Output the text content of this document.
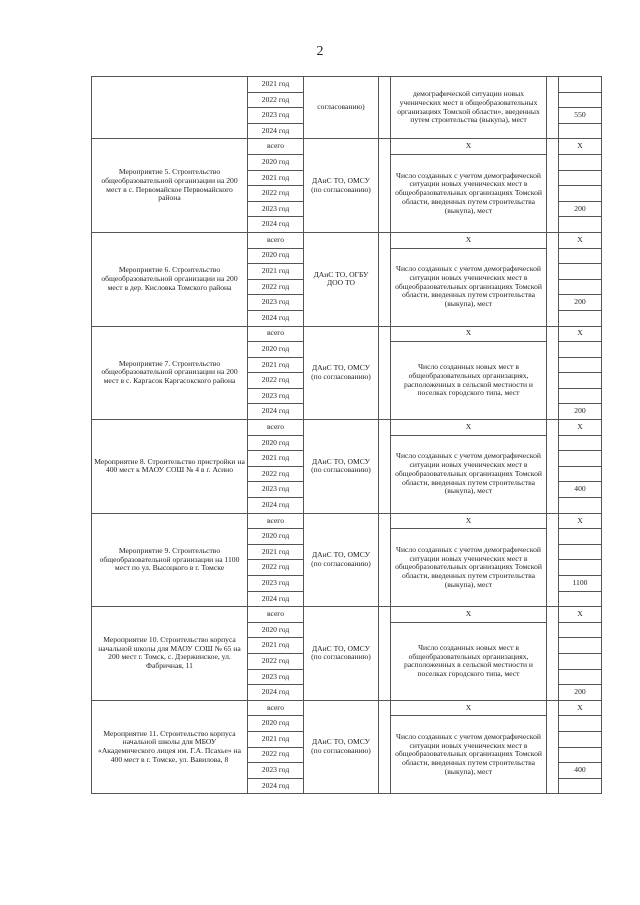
2
	2021 год	согласованию)		демографической ситуации новых ученических мест в общеобразовательных организациях Томской области», введенных путем строительства (выкупа), мест		
	2022 год					
	2023 год					550
	2024 год					
Мероприятие 5. Строительство общеобразовательной организации на 200 мест в с. Первомайское Первомайского района	всего	ДАиС ТО, ОМСУ (по согласованию)		Х		Х
	2020 год			Число созданных с учетом демографической ситуации новых ученических мест в общеобразовательных организациях Томской области, введенных путем строительства (выкупа), мест		
	2021 год					
	2022 год					
	2023 год					200
	2024 год					
Мероприятие 6. Строительство общеобразовательной организации на 200 мест в дер. Кисловка Томского района	всего	ДАиС ТО, ОГБУ ДОО ТО		Х		Х
	2020 год			Число созданных с учетом демографической ситуации новых ученических мест в общеобразовательных организациях Томской области, введенных путем строительства (выкупа), мест		
	2021 год					
	2022 год					
	2023 год					200
	2024 год					
Мероприятие 7. Строительство общеобразовательной организации на 200 мест в с. Каргасок Каргасокского района	всего	ДАиС ТО, ОМСУ (по согласованию)		Х		Х
	2020 год			Число созданных новых мест в общеобразовательных организациях, расположенных в сельской местности и поселках городского типа, мест		
	2021 год					
	2022 год					
	2023 год					
	2024 год					200
Мероприятие 8. Строительство пристройки на 400 мест к МАОУ СОШ № 4 в г. Асино	всего	ДАиС ТО, ОМСУ (по согласованию)		Х		Х
	2020 год			Число созданных с учетом демографической ситуации новых ученических мест в общеобразовательных организациях Томской области, введенных путем строительства (выкупа), мест		
	2021 год					
	2022 год					
	2023 год					400
	2024 год					
Мероприятие 9. Строительство общеобразовательной организации на 1100 мест по ул. Высоцкого в г. Томске	всего	ДАиС ТО, ОМСУ (по согласованию)		Х		Х
	2020 год			Число созданных с учетом демографической ситуации новых ученических мест в общеобразовательных организациях Томской области, введенных путем строительства (выкупа), мест		
	2021 год					
	2022 год					
	2023 год					1100
	2024 год					
Мероприятие 10. Строительство корпуса начальной школы для МАОУ СОШ № 65 на 200 мест г. Томск, с. Дзержинское, ул. Фабричная, 11	всего	ДАиС ТО, ОМСУ (по согласованию)		Х		Х
	2020 год			Число созданных новых мест в общеобразовательных организациях, расположенных в сельской местности и поселках городского типа, мест		
	2021 год					
	2022 год					
	2023 год					
	2024 год					200
Мероприятие 11. Строительство корпуса начальной школы для МБОУ «Академического лицея им. Г.А. Псахье» на 400 мест в г. Томске, ул. Вавилова, 8	всего	ДАиС ТО, ОМСУ (по согласованию)		Х		Х
	2020 год			Число созданных с учетом демографической ситуации новых ученических мест в общеобразовательных организациях Томской области, введенных путем строительства (выкупа), мест		
	2021 год					
	2022 год					
	2023 год					400
	2024 год					
